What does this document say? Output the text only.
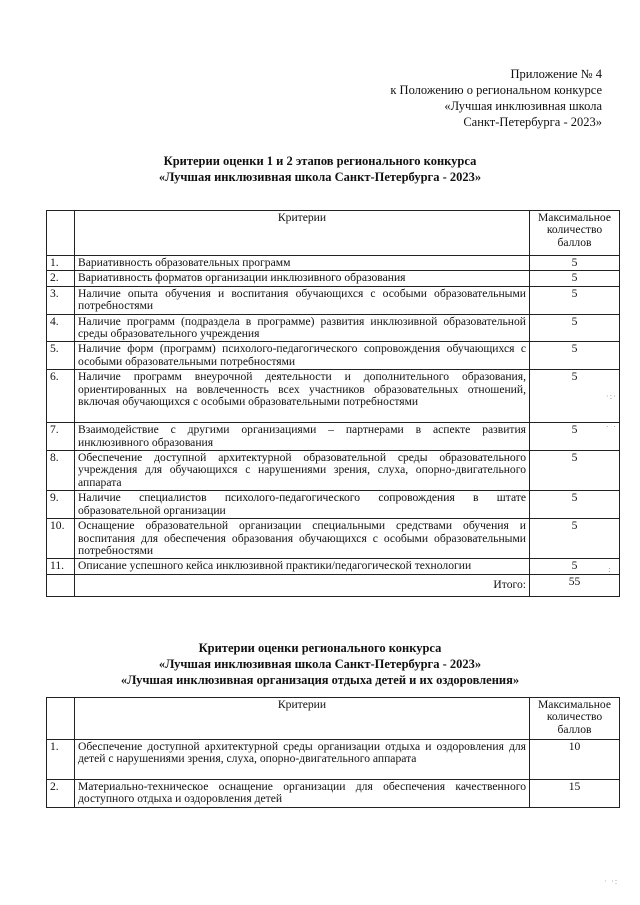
Приложение № 4
к Положению о региональном конкурсе
«Лучшая инклюзивная школа
Санкт-Петербурга - 2023»
Критерии оценки 1 и 2 этапов регионального конкурса
«Лучшая инклюзивная школа Санкт-Петербурга - 2023»
	Критерии	Максимальное количество баллов
1.	Вариативность образовательных программ	5
2.	Вариативность форматов организации инклюзивного образования	5
3.	Наличие опыта обучения и воспитания обучающихся с особыми образовательными потребностями	5
4.	Наличие программ (подраздела в программе) развития инклюзивной образовательной среды образовательного учреждения	5
5.	Наличие форм (программ) психолого-педагогического сопровождения обучающихся с особыми образовательными потребностями	5
6.	Наличие программ внеурочной деятельности и дополнительного образования, ориентированных на вовлеченность всех участников образовательных отношений, включая обучающихся с особыми образовательными потребностями	5
7.	Взаимодействие с другими организациями – партнерами в аспекте развития инклюзивного образования	5
8.	Обеспечение доступной архитектурной образовательной среды образовательного учреждения для обучающихся с нарушениями зрения, слуха, опорно-двигательного аппарата	5
9.	Наличие специалистов психолого-педагогического сопровождения в штате образовательной организации	5
10.	Оснащение образовательной организации специальными средствами обучения и воспитания для обеспечения образования обучающихся с особыми образовательными потребностями	5
11.	Описание успешного кейса инклюзивной практики/педагогической технологии	5
	Итого:	55
Критерии оценки регионального конкурса
«Лучшая инклюзивная школа Санкт-Петербурга - 2023»
«Лучшая инклюзивная организация отдыха детей и их оздоровления»
	Критерии	Максимальное количество баллов
1.	Обеспечение доступной архитектурной среды организации отдыха и оздоровления для детей с нарушениями зрения, слуха, опорно-двигательного аппарата	10
2.	Материально-техническое оснащение организации для обеспечения качественного доступного отдыха и оздоровления детей	15
·:·
. .
:
· ·:
